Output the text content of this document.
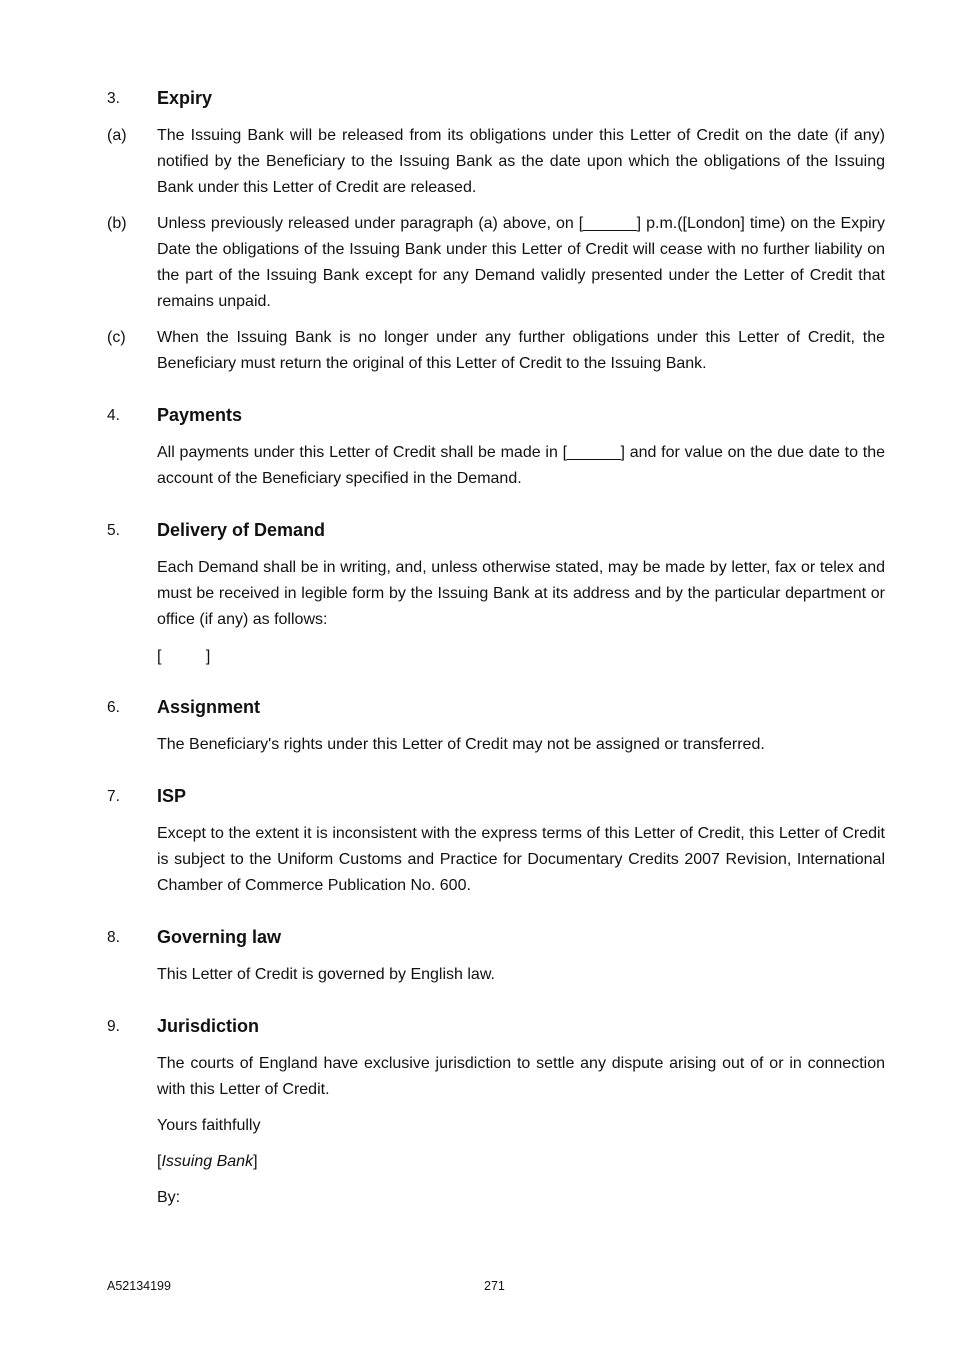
3. Expiry
(a) The Issuing Bank will be released from its obligations under this Letter of Credit on the date (if any) notified by the Beneficiary to the Issuing Bank as the date upon which the obligations of the Issuing Bank under this Letter of Credit are released.
(b) Unless previously released under paragraph (a) above, on [______] p.m.([London] time) on the Expiry Date the obligations of the Issuing Bank under this Letter of Credit will cease with no further liability on the part of the Issuing Bank except for any Demand validly presented under the Letter of Credit that remains unpaid.
(c) When the Issuing Bank is no longer under any further obligations under this Letter of Credit, the Beneficiary must return the original of this Letter of Credit to the Issuing Bank.
4. Payments
All payments under this Letter of Credit shall be made in [______] and for value on the due date to the account of the Beneficiary specified in the Demand.
5. Delivery of Demand
Each Demand shall be in writing, and, unless otherwise stated, may be made by letter, fax or telex and must be received in legible form by the Issuing Bank at its address and by the particular department or office (if any) as follows:
[          ]
6. Assignment
The Beneficiary's rights under this Letter of Credit may not be assigned or transferred.
7. ISP
Except to the extent it is inconsistent with the express terms of this Letter of Credit, this Letter of Credit is subject to the Uniform Customs and Practice for Documentary Credits 2007 Revision, International Chamber of Commerce Publication No. 600.
8. Governing law
This Letter of Credit is governed by English law.
9. Jurisdiction
The courts of England have exclusive jurisdiction to settle any dispute arising out of or in connection with this Letter of Credit.
Yours faithfully
[Issuing Bank]
By:
A52134199	271
